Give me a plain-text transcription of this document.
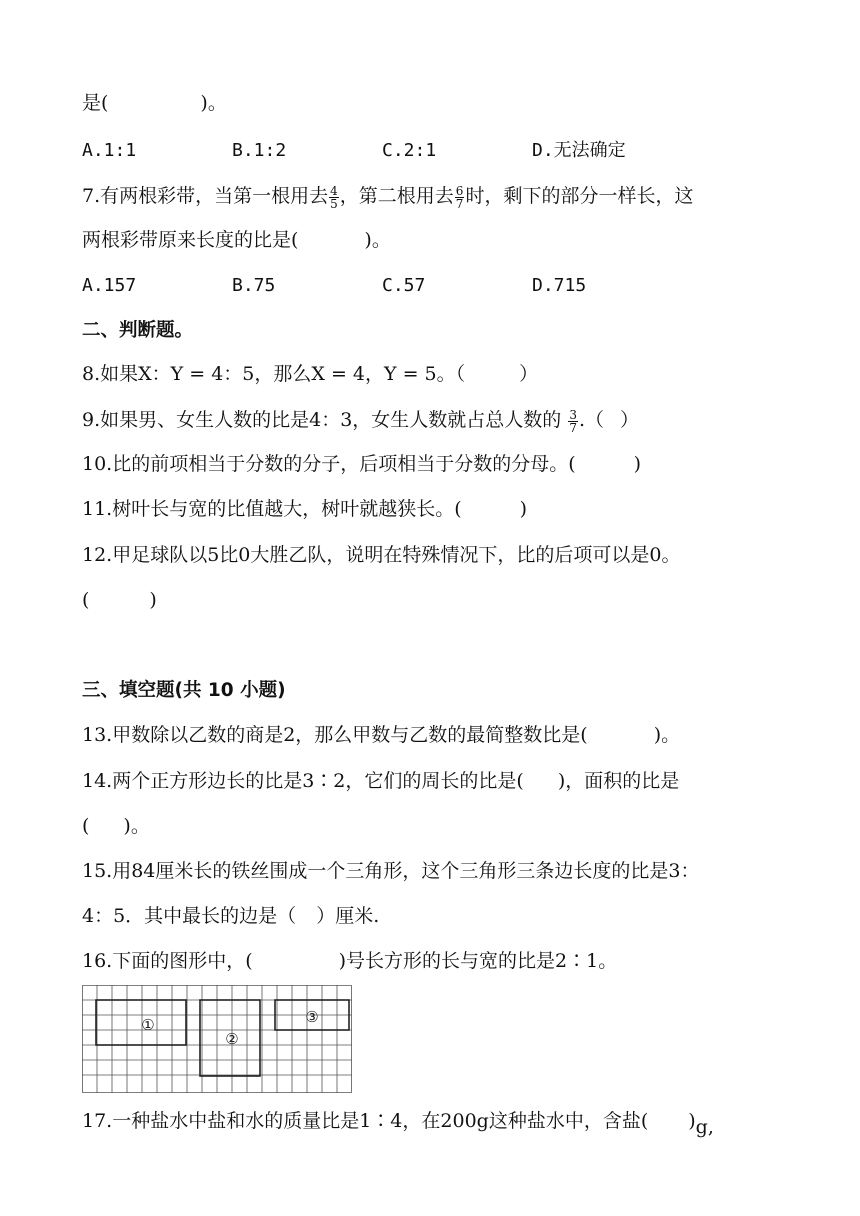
是(	)。
A.1:1	B.1:2	C.2:1	D.无法确定
7.有两根彩带，当第一根用去 $\frac{4}{5}$ ，第二根用去 $\frac{6}{7}$ 时，剩下的部分一样长，这
两根彩带原来长度的比是(	)。
A.157	B.75	C.57	D.715
二、判断题。
8.如果X：Y = 4：5，那么X = 4，Y = 5。（	）
9.如果男、女生人数的比是4：3，女生人数就占总人数的 $\frac{3}{7}$ .（ ）
10.比的前项相当于分数的分子，后项相当于分数的分母。(	)
11.树叶长与宽的比值越大，树叶就越狭长。(	)
12.甲足球队以5比0大胜乙队，说明在特殊情况下，比的后项可以是0。
(	)
三、填空题(共 10 小题)
13.甲数除以乙数的商是2，那么甲数与乙数的最简整数比是(	)。
14.两个正方形边长的比是3∶2，它们的周长的比是( )，面积的比是
( )。
15.用84厘米长的铁丝围成一个三角形，这个三角形三条边长度的比是3：
4：5．其中最长的边是（ ）厘米.
16.下面的图形中，(	)号长方形的长与宽的比是2∶1。
①
②
③
17.一种盐水中盐和水的质量比是1∶4，在200g这种盐水中，含盐( )g,
